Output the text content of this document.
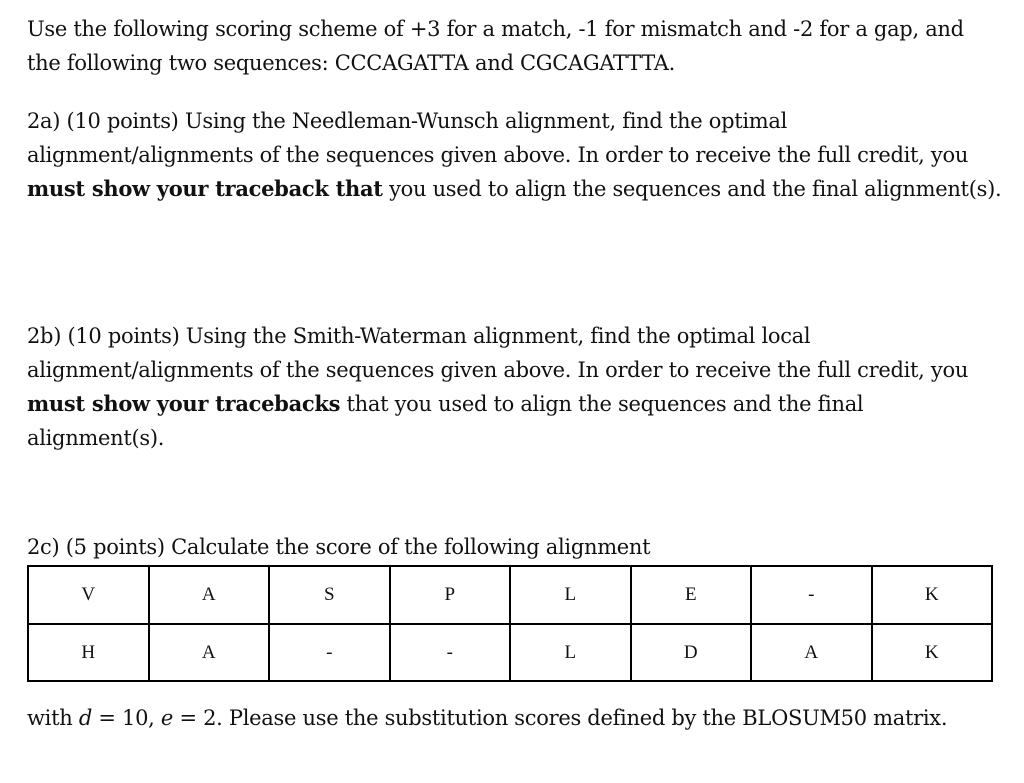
Use the following scoring scheme of +3 for a match, -1 for mismatch and -2 for a gap, and the following two sequences: CCCAGATTA and CGCAGATTTA.
2a) (10 points) Using the Needleman-Wunsch alignment, find the optimal alignment/alignments of the sequences given above. In order to receive the full credit, you must show your traceback that you used to align the sequences and the final alignment(s).
2b) (10 points) Using the Smith-Waterman alignment, find the optimal local alignment/alignments of the sequences given above. In order to receive the full credit, you must show your tracebacks that you used to align the sequences and the final alignment(s).
2c) (5 points) Calculate the score of the following alignment
V	A	S	P	L	E	-	K
H	A	-	-	L	D	A	K
with d = 10, e = 2. Please use the substitution scores defined by the BLOSUM50 matrix.
